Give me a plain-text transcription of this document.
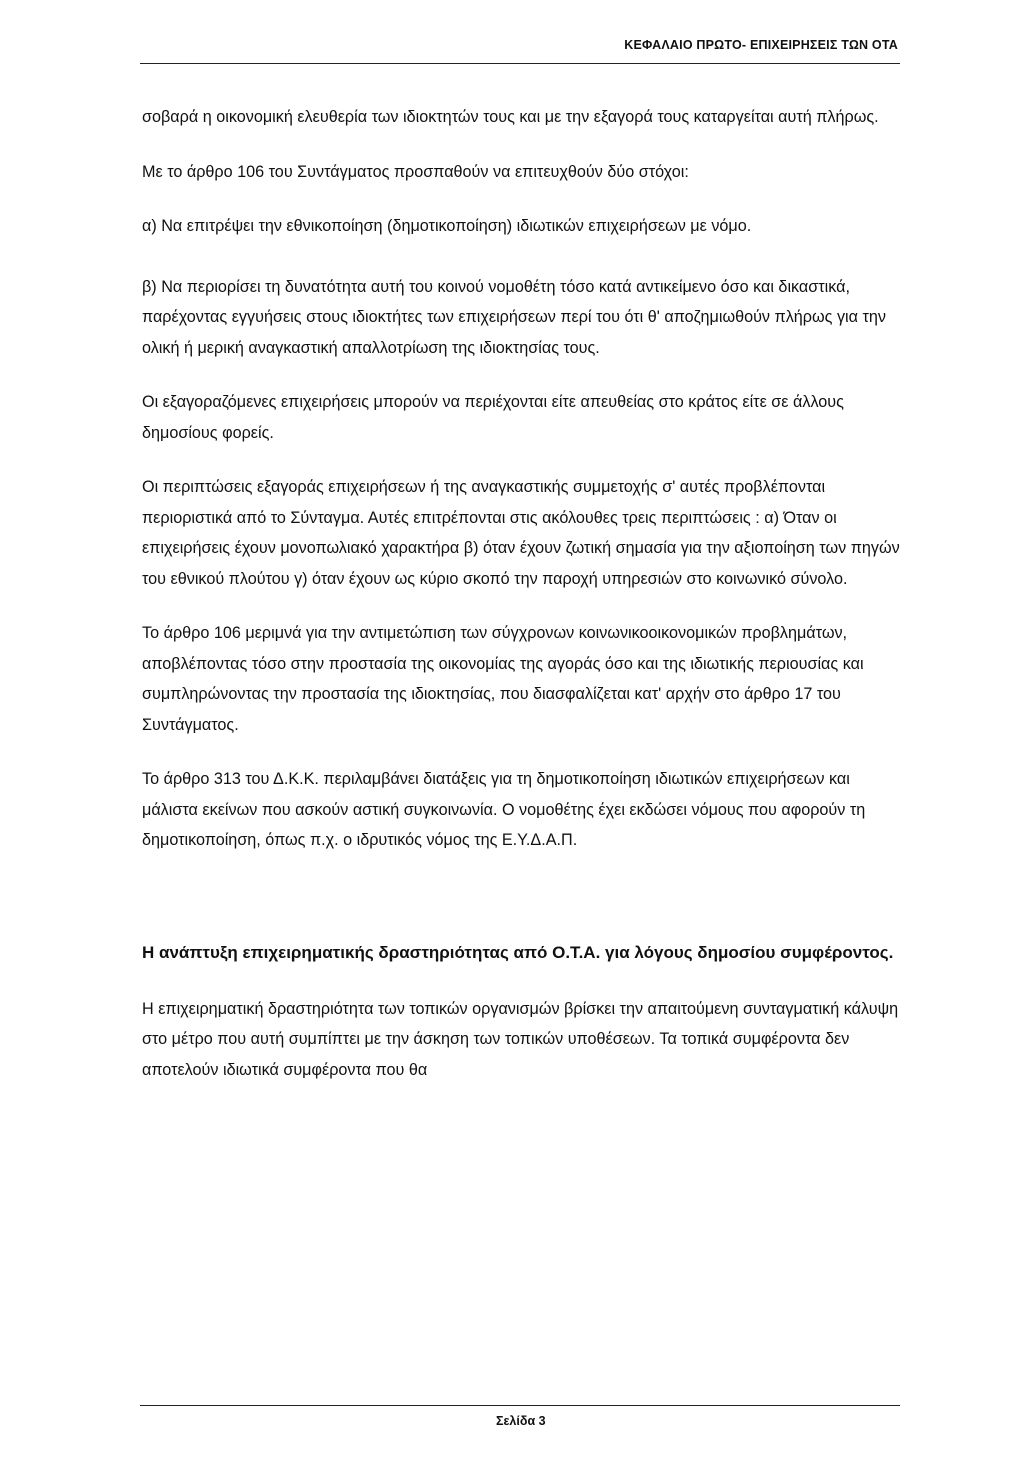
ΚΕΦΑΛΑΙΟ ΠΡΩΤΟ- ΕΠΙΧΕΙΡΗΣΕΙΣ ΤΩΝ ΟΤΑ

σοβαρά η οικονομική ελευθερία των ιδιοκτητών τους και με την εξαγορά τους καταργείται αυτή πλήρως.

Με το άρθρο 106 του Συντάγματος προσπαθούν να επιτευχθούν δύο στόχοι:

α) Να επιτρέψει την εθνικοποίηση (δημοτικοποίηση) ιδιωτικών επιχειρήσεων με νόμο.

β) Να περιορίσει τη δυνατότητα αυτή του κοινού νομοθέτη τόσο κατά αντικείμενο όσο και δικαστικά, παρέχοντας εγγυήσεις στους ιδιοκτήτες των επιχειρήσεων περί του ότι θ' αποζημιωθούν πλήρως για την ολική ή μερική αναγκαστική απαλλοτρίωση της ιδιοκτησίας τους.

Οι εξαγοραζόμενες επιχειρήσεις μπορούν να περιέχονται είτε απευθείας στο κράτος είτε σε άλλους δημοσίους φορείς.

Οι περιπτώσεις εξαγοράς επιχειρήσεων ή της αναγκαστικής συμμετοχής σ' αυτές προβλέπονται περιοριστικά από το Σύνταγμα. Αυτές επιτρέπονται στις ακόλουθες τρεις περιπτώσεις : α) Όταν οι επιχειρήσεις έχουν μονοπωλιακό χαρακτήρα β) όταν έχουν ζωτική σημασία για την αξιοποίηση των πηγών του εθνικού πλούτου γ) όταν έχουν ως κύριο σκοπό την παροχή υπηρεσιών στο κοινωνικό σύνολο.

Το άρθρο 106 μεριμνά για την αντιμετώπιση των σύγχρονων κοινωνικοοικονομικών προβλημάτων, αποβλέποντας τόσο στην προστασία της οικονομίας της αγοράς όσο και της ιδιωτικής περιουσίας και συμπληρώνοντας την προστασία της ιδιοκτησίας, που διασφαλίζεται κατ' αρχήν στο άρθρο 17 του Συντάγματος.

Το άρθρο 313 του Δ.Κ.Κ. περιλαμβάνει διατάξεις για τη δημοτικοποίηση ιδιωτικών επιχειρήσεων και μάλιστα εκείνων που ασκούν αστική συγκοινωνία. Ο νομοθέτης έχει εκδώσει νόμους που αφορούν τη δημοτικοποίηση, όπως π.χ. ο ιδρυτικός νόμος της Ε.Υ.Δ.Α.Π.

Η ανάπτυξη επιχειρηματικής δραστηριότητας από Ο.Τ.Α. για λόγους δημοσίου συμφέροντος.

Η επιχειρηματική δραστηριότητα των τοπικών οργανισμών βρίσκει την απαιτούμενη συνταγματική κάλυψη στο μέτρο που αυτή συμπίπτει με την άσκηση των τοπικών υποθέσεων. Τα τοπικά συμφέροντα δεν αποτελούν ιδιωτικά συμφέροντα που θα

Σελίδα 3
